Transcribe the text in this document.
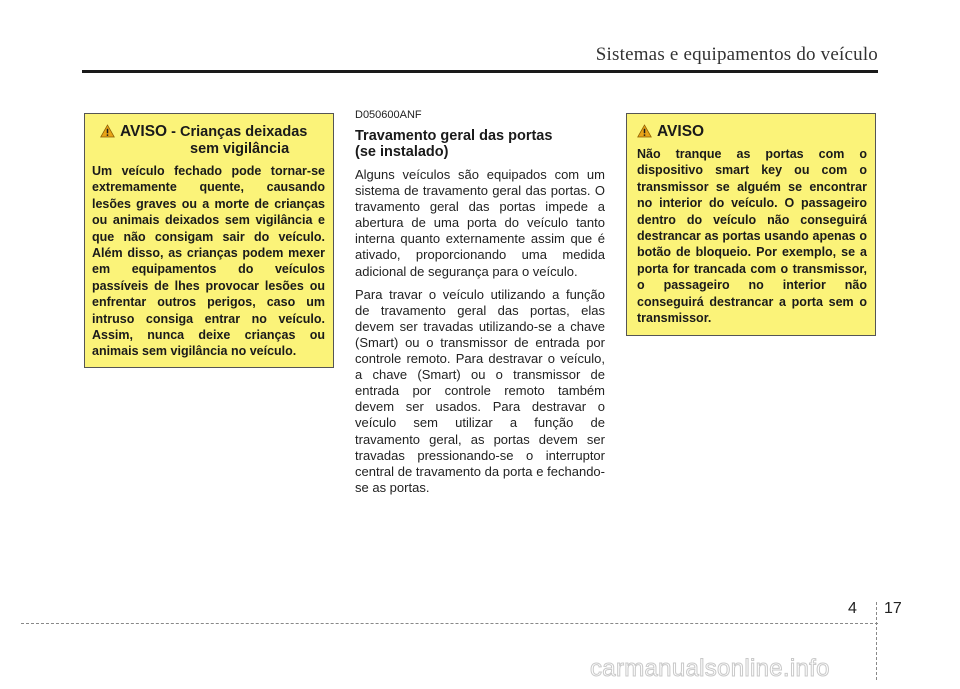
Sistemas e equipamentos do veículo
AVISO - Crianças deixadas
sem vigilância
Um veículo fechado pode tornar-se extremamente quente, causando lesões graves ou a morte de crianças ou animais deixados sem vigilância e que não consigam sair do veículo. Além disso, as crianças podem mexer em equipamentos do veículos passíveis de lhes provocar lesões ou enfrentar outros perigos, caso um intruso consiga entrar no veículo. Assim, nunca deixe crianças ou animais sem vigilância no veículo.
D050600ANF
Travamento geral das portas
(se instalado)

Alguns veículos são equipados com um sistema de travamento geral das portas. O travamento geral das portas impede a abertura de uma porta do veículo tanto interna quanto externamente assim que é ativado, proporcionando uma medida adicional de segurança para o veículo.

Para travar o veículo utilizando a função de travamento geral das portas, elas devem ser travadas utilizando-se a chave (Smart) ou o transmissor de entrada por controle remoto. Para destravar o veículo, a chave (Smart) ou o transmissor de entrada por controle remoto também devem ser usados. Para destravar o veículo sem utilizar a função de travamento geral, as portas devem ser travadas pressionando-se o interruptor central de travamento da porta e fechando-se as portas.

AVISO
Não tranque as portas com o dispositivo smart key ou com o transmissor se alguém se encontrar no interior do veículo. O passageiro dentro do veículo não conseguirá destrancar as portas usando apenas o botão de bloqueio. Por exemplo, se a porta for trancada com o transmissor, o passageiro no interior não conseguirá destrancar a porta sem o transmissor.
4 17
carmanualsonline.info
